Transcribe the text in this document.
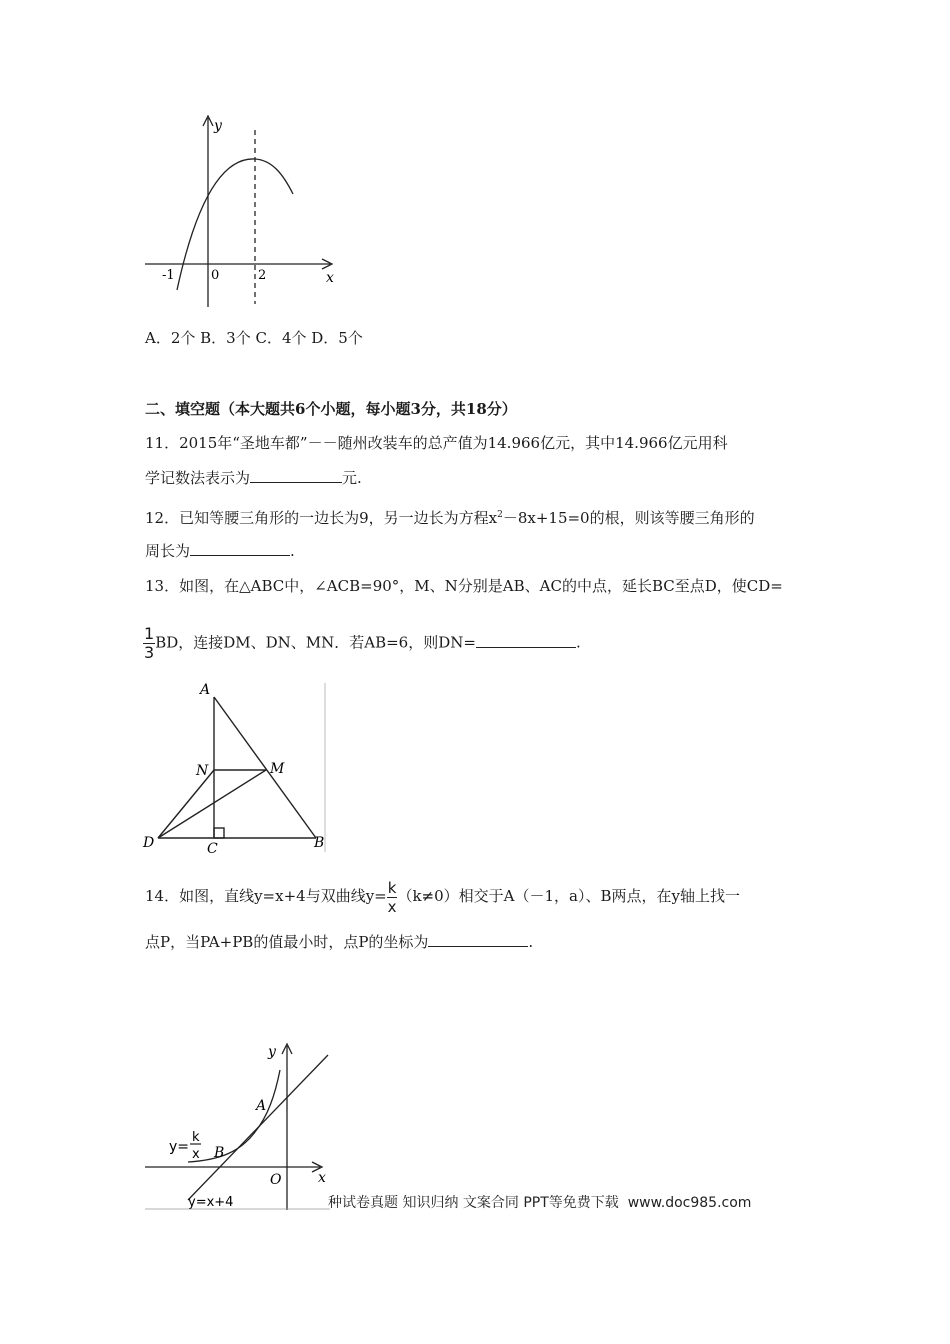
y
x
-1	0	2
A．2个 B．3个 C．4个 D．5个
二、填空题（本大题共6个小题，每小题3分，共18分）
11．2015年“圣地车都”－－随州改装车的总产值为14.966亿元，其中14.966亿元用科
学记数法表示为	元.
12．已知等腰三角形的一边长为9，另一边长为方程$x^2-8x+15=0$的根，则该等腰三角形的
周长为	.
13．如图，在△ABC中，∠ACB=90°，M、N分别是AB、AC的中点，延长BC至点D，使CD=
$\frac{1}{3}$ BD，连接DM、DN、MN．若AB=6，则DN=	.
A
N	M
D	C	B
14．如图，直线y=x+4与双曲线$y= \frac{k}{x} (k\ne 0)$相交于A（－1，a）、B两点，在y轴上找一
点P，当PA+PB的值最小时，点P的坐标为	.
y
x
A
B
O
y=
k
x
y=x+4	种试卷真题 知识归纳 文案合同 PPT等免费下载 www.doc985.com
